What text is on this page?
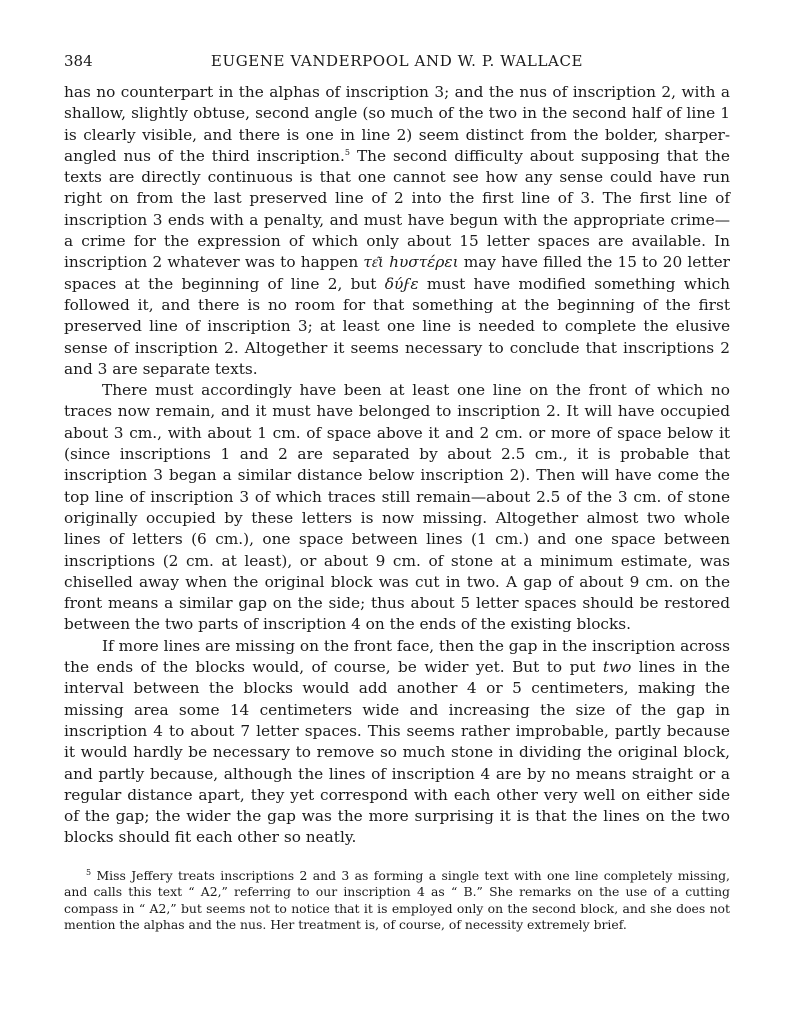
384	EUGENE VANDERPOOL AND W. P. WALLACE

has no counterpart in the alphas of inscription 3; and the nus of inscription 2, with a shallow, slightly obtuse, second angle (so much of the two in the second half of line 1 is clearly visible, and there is one in line 2) seem distinct from the bolder, sharper-angled nus of the third inscription.$^5$ The second difficulty about supposing that the texts are directly continuous is that one cannot see how any sense could have run right on from the last preserved line of 2 into the first line of 3. The first line of inscription 3 ends with a penalty, and must have begun with the appropriate crime—a crime for the expression of which only about 15 letter spaces are available. In inscription 2 whatever was to happen τε͂ι hυστέρει may have filled the 15 to 20 letter spaces at the beginning of line 2, but δύϝε must have modified something which followed it, and there is no room for that something at the beginning of the first preserved line of inscription 3; at least one line is needed to complete the elusive sense of inscription 2. Altogether it seems necessary to conclude that inscriptions 2 and 3 are separate texts.

There must accordingly have been at least one line on the front of which no traces now remain, and it must have belonged to inscription 2. It will have occupied about 3 cm., with about 1 cm. of space above it and 2 cm. or more of space below it (since inscriptions 1 and 2 are separated by about 2.5 cm., it is probable that inscription 3 began a similar distance below inscription 2). Then will have come the top line of inscription 3 of which traces still remain—about 2.5 of the 3 cm. of stone originally occupied by these letters is now missing. Altogether almost two whole lines of letters (6 cm.), one space between lines (1 cm.) and one space between inscriptions (2 cm. at least), or about 9 cm. of stone at a minimum estimate, was chiselled away when the original block was cut in two. A gap of about 9 cm. on the front means a similar gap on the side; thus about 5 letter spaces should be restored between the two parts of inscription 4 on the ends of the existing blocks.

If more lines are missing on the front face, then the gap in the inscription across the ends of the blocks would, of course, be wider yet. But to put two lines in the interval between the blocks would add another 4 or 5 centimeters, making the missing area some 14 centimeters wide and increasing the size of the gap in inscription 4 to about 7 letter spaces. This seems rather improbable, partly because it would hardly be necessary to remove so much stone in dividing the original block, and partly because, although the lines of inscription 4 are by no means straight or a regular distance apart, they yet correspond with each other very well on either side of the gap; the wider the gap was the more surprising it is that the lines on the two blocks should fit each other so neatly.

$^5$ Miss Jeffery treats inscriptions 2 and 3 as forming a single text with one line completely missing, and calls this text “ A2,” referring to our inscription 4 as “ B.” She remarks on the use of a cutting compass in “ A2,” but seems not to notice that it is employed only on the second block, and she does not mention the alphas and the nus. Her treatment is, of course, of necessity extremely brief.
